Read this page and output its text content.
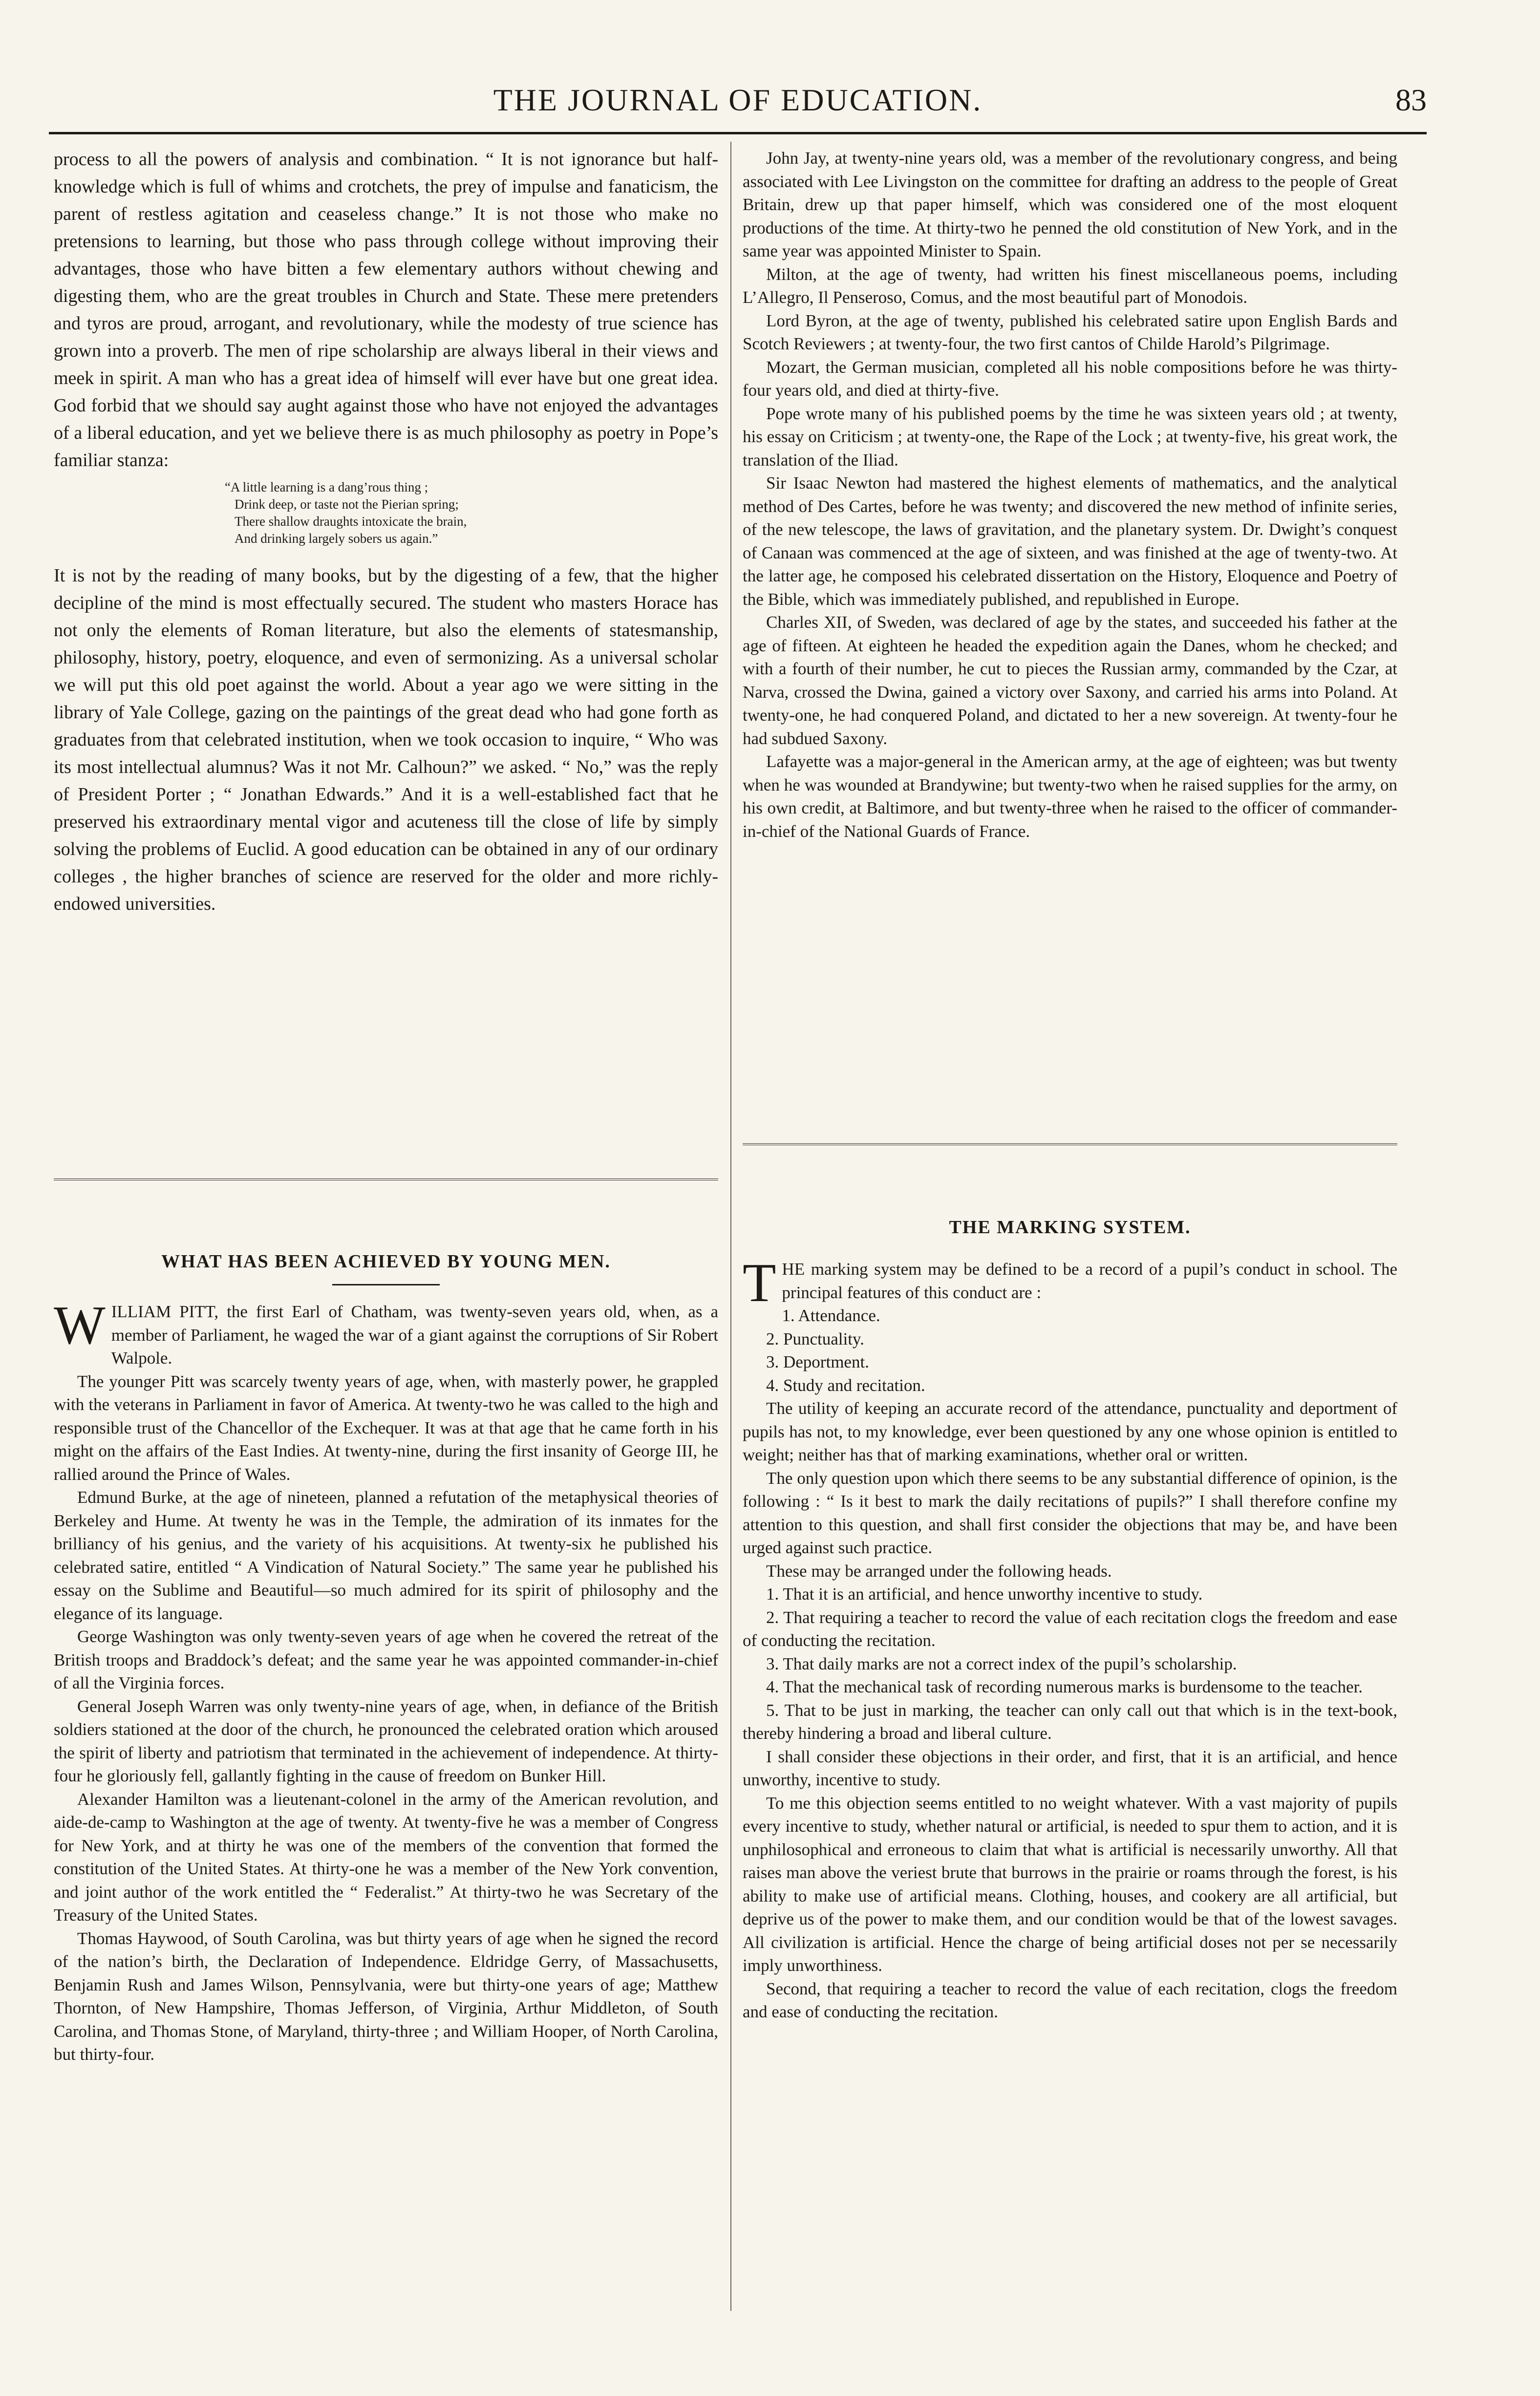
THE JOURNAL OF EDUCATION.	83

process to all the powers of analysis and combination. “ It is not ignorance but half-knowledge which is full of whims and crotchets, the prey of impulse and fanaticism, the parent of restless agitation and ceaseless change.” It is not those who make no pretensions to learning, but those who pass through college without improving their advantages, those who have bitten a few elementary authors without chewing and digesting them, who are the great troubles in Church and State. These mere pretenders and tyros are proud, arrogant, and revolutionary, while the modesty of true science has grown into a proverb. The men of ripe scholarship are always liberal in their views and meek in spirit. A man who has a great idea of himself will ever have but one great idea. God forbid that we should say aught against those who have not enjoyed the advantages of a liberal education, and yet we believe there is as much philosophy as poetry in Pope’s familiar stanza:

“A little learning is a dang’rous thing ;
Drink deep, or taste not the Pierian spring;
There shallow draughts intoxicate the brain,
And drinking largely sobers us again.”

It is not by the reading of many books, but by the digesting of a few, that the higher decipline of the mind is most effectually secured. The student who masters Horace has not only the elements of Roman literature, but also the elements of statesmanship, philosophy, history, poetry, eloquence, and even of sermonizing. As a universal scholar we will put this old poet against the world. About a year ago we were sitting in the library of Yale College, gazing on the paintings of the great dead who had gone forth as graduates from that celebrated institution, when we took occasion to inquire, “ Who was its most intellectual alumnus? Was it not Mr. Calhoun?” we asked. “ No,” was the reply of President Porter ; “ Jonathan Edwards.” And it is a well-established fact that he preserved his extraordinary mental vigor and acuteness till the close of life by simply solving the problems of Euclid. A good education can be obtained in any of our ordinary colleges , the higher branches of science are reserved for the older and more richly-endowed universities.

WHAT HAS BEEN ACHIEVED BY YOUNG MEN.

WILLIAM PITT, the first Earl of Chatham, was twenty-seven years old, when, as a member of Parliament, he waged the war of a giant against the corruptions of Sir Robert Walpole.

The younger Pitt was scarcely twenty years of age, when, with masterly power, he grappled with the veterans in Parliament in favor of America. At twenty-two he was called to the high and responsible trust of the Chancellor of the Exchequer. It was at that age that he came forth in his might on the affairs of the East Indies. At twenty-nine, during the first insanity of George III, he rallied around the Prince of Wales.

Edmund Burke, at the age of nineteen, planned a refutation of the metaphysical theories of Berkeley and Hume. At twenty he was in the Temple, the admiration of its inmates for the brilliancy of his genius, and the variety of his acquisitions. At twenty-six he published his celebrated satire, entitled “ A Vindication of Natural Society.” The same year he published his essay on the Sublime and Beautiful—so much admired for its spirit of philosophy and the elegance of its language.

George Washington was only twenty-seven years of age when he covered the retreat of the British troops and Braddock’s defeat; and the same year he was appointed commander-in-chief of all the Virginia forces.

General Joseph Warren was only twenty-nine years of age, when, in defiance of the British soldiers stationed at the door of the church, he pronounced the celebrated oration which aroused the spirit of liberty and patriotism that terminated in the achievement of independence. At thirty-four he gloriously fell, gallantly fighting in the cause of freedom on Bunker Hill.

Alexander Hamilton was a lieutenant-colonel in the army of the American revolution, and aide-de-camp to Washington at the age of twenty. At twenty-five he was a member of Congress for New York, and at thirty he was one of the members of the convention that formed the constitution of the United States. At thirty-one he was a member of the New York convention, and joint author of the work entitled the “ Federalist.” At thirty-two he was Secretary of the Treasury of the United States.

Thomas Haywood, of South Carolina, was but thirty years of age when he signed the record of the nation’s birth, the Declaration of Independence. Eldridge Gerry, of Massachusetts, Benjamin Rush and James Wilson, Pennsylvania, were but thirty-one years of age; Matthew Thornton, of New Hampshire, Thomas Jefferson, of Virginia, Arthur Middleton, of South Carolina, and Thomas Stone, of Maryland, thirty-three ; and William Hooper, of North Carolina, but thirty-four.

John Jay, at twenty-nine years old, was a member of the revolutionary congress, and being associated with Lee Livingston on the committee for drafting an address to the people of Great Britain, drew up that paper himself, which was considered one of the most eloquent productions of the time. At thirty-two he penned the old constitution of New York, and in the same year was appointed Minister to Spain.

Milton, at the age of twenty, had written his finest miscellaneous poems, including L’Allegro, Il Penseroso, Comus, and the most beautiful part of Monodois.

Lord Byron, at the age of twenty, published his celebrated satire upon English Bards and Scotch Reviewers ; at twenty-four, the two first cantos of Childe Harold’s Pilgrimage.

Mozart, the German musician, completed all his noble compositions before he was thirty-four years old, and died at thirty-five.

Pope wrote many of his published poems by the time he was sixteen years old ; at twenty, his essay on Criticism ; at twenty-one, the Rape of the Lock ; at twenty-five, his great work, the translation of the Iliad.

Sir Isaac Newton had mastered the highest elements of mathematics, and the analytical method of Des Cartes, before he was twenty; and discovered the new method of infinite series, of the new telescope, the laws of gravitation, and the planetary system. Dr. Dwight’s conquest of Canaan was commenced at the age of sixteen, and was finished at the age of twenty-two. At the latter age, he composed his celebrated dissertation on the History, Eloquence and Poetry of the Bible, which was immediately published, and republished in Europe.

Charles XII, of Sweden, was declared of age by the states, and succeeded his father at the age of fifteen. At eighteen he headed the expedition again the Danes, whom he checked; and with a fourth of their number, he cut to pieces the Russian army, commanded by the Czar, at Narva, crossed the Dwina, gained a victory over Saxony, and carried his arms into Poland. At twenty-one, he had conquered Poland, and dictated to her a new sovereign. At twenty-four he had subdued Saxony.

Lafayette was a major-general in the American army, at the age of eighteen; was but twenty when he was wounded at Brandywine; but twenty-two when he raised supplies for the army, on his own credit, at Baltimore, and but twenty-three when he raised to the officer of commander-in-chief of the National Guards of France.

THE MARKING SYSTEM.

THE marking system may be defined to be a record of a pupil’s conduct in school. The principal features of this conduct are :

1. Attendance.
2. Punctuality.
3. Deportment.
4. Study and recitation.

The utility of keeping an accurate record of the attendance, punctuality and deportment of pupils has not, to my knowledge, ever been questioned by any one whose opinion is entitled to weight; neither has that of marking examinations, whether oral or written.

The only question upon which there seems to be any substantial difference of opinion, is the following : “ Is it best to mark the daily recitations of pupils?” I shall therefore confine my attention to this question, and shall first consider the objections that may be, and have been urged against such practice.

These may be arranged under the following heads.

1. That it is an artificial, and hence unworthy incentive to study.

2. That requiring a teacher to record the value of each recitation clogs the freedom and ease of conducting the recitation.

3. That daily marks are not a correct index of the pupil’s scholarship.

4. That the mechanical task of recording numerous marks is burdensome to the teacher.

5. That to be just in marking, the teacher can only call out that which is in the text-book, thereby hindering a broad and liberal culture.

I shall consider these objections in their order, and first, that it is an artificial, and hence unworthy, incentive to study.

To me this objection seems entitled to no weight whatever. With a vast majority of pupils every incentive to study, whether natural or artificial, is needed to spur them to action, and it is unphilosophical and erroneous to claim that what is artificial is necessarily unworthy. All that raises man above the veriest brute that burrows in the prairie or roams through the forest, is his ability to make use of artificial means. Clothing, houses, and cookery are all artificial, but deprive us of the power to make them, and our condition would be that of the lowest savages. All civilization is artificial. Hence the charge of being artificial doses not per se necessarily imply unworthiness.

Second, that requiring a teacher to record the value of each recitation, clogs the freedom and ease of conducting the recitation.
